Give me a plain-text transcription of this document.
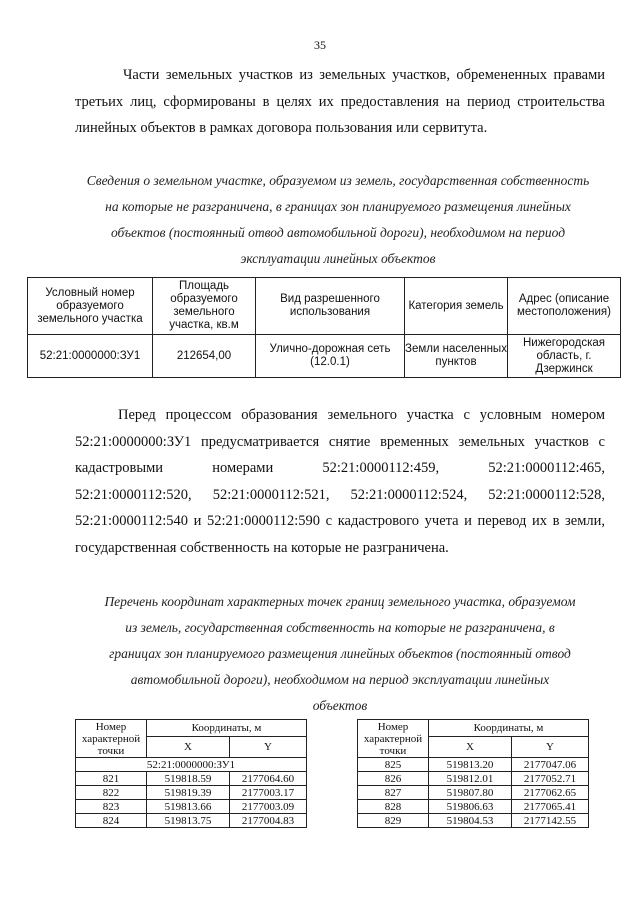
35

Части земельных участков из земельных участков, обремененных правами третьих лиц, сформированы в целях их предоставления на период строительства линейных объектов в рамках договора пользования или сервитута.

Сведения о земельном участке, образуемом из земель, государственная собственность на которые не разграничена, в границах зон планируемого размещения линейных объектов (постоянный отвод автомобильной дороги), необходимом на период эксплуатации линейных объектов

Условный номер образуемого земельного участка	Площадь образуемого земельного участка, кв.м	Вид разрешенного использования	Категория земель	Адрес (описание местоположения)
52:21:0000000:ЗУ1	212654,00	Улично-дорожная сеть (12.0.1)	Земли населенных пунктов	Нижегородская область, г. Дзержинск
Перед процессом образования земельного участка с условным номером
52:21:0000000:ЗУ1 предусматривается снятие временных земельных участков с
кадастровыми	номерами	52:21:0000112:459,	52:21:0000112:465,
52:21:0000112:520, 52:21:0000112:521, 52:21:0000112:524, 52:21:0000112:528,
52:21:0000112:540 и 52:21:0000112:590 с кадастрового учета и перевод их в земли,
государственная собственность на которые не разграничена.
Перечень координат характерных точек границ земельного участка, образуемом
из земель, государственная собственность на которые не разграничена, в
границах зон планируемого размещения линейных объектов (постоянный отвод
автомобильной дороги), необходимом на период эксплуатации линейных
объектов
Номер характерной точки	Координаты, м	
	X	Y
52:21:0000000:ЗУ1		
821	519818.59	2177064.60
822	519819.39	2177003.17
823	519813.66	2177003.09
824	519813.75	2177004.83
Номер характерной точки	Координаты, м	
	X	Y
825	519813.20	2177047.06
826	519812.01	2177052.71
827	519807.80	2177062.65
828	519806.63	2177065.41
829	519804.53	2177142.55
